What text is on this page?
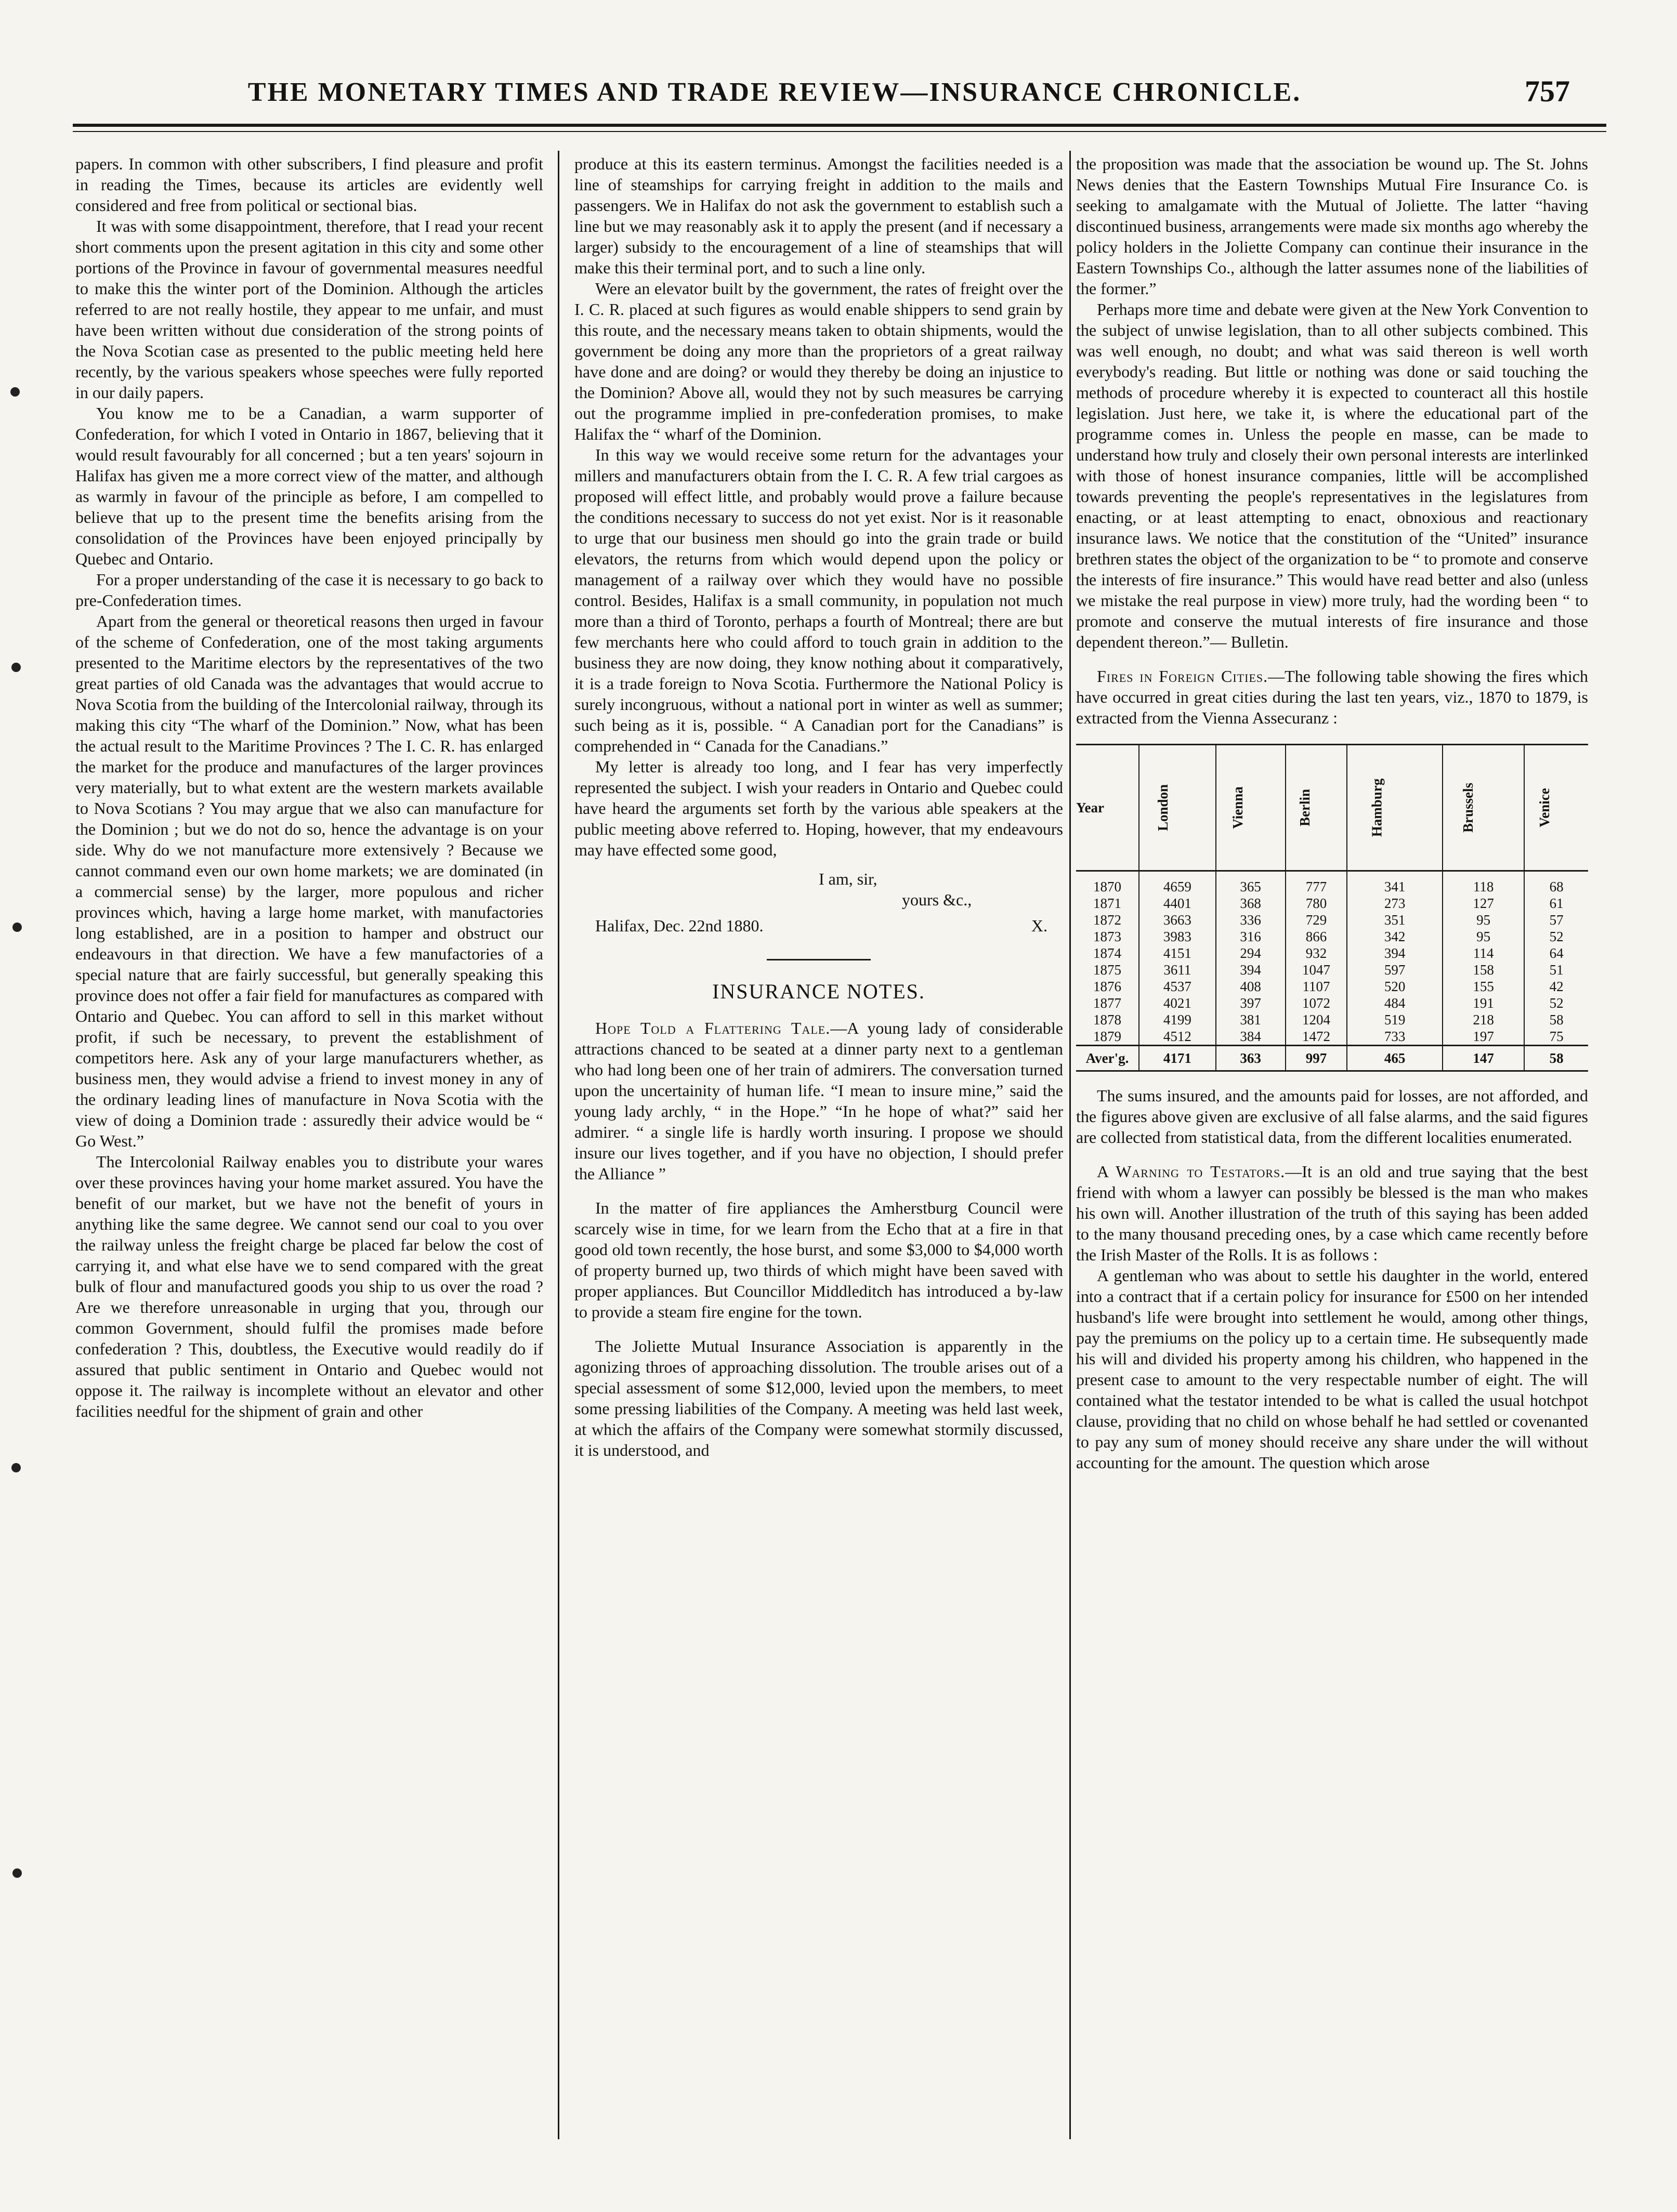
THE MONETARY TIMES AND TRADE REVIEW—INSURANCE CHRONICLE.	757

papers. In common with other subscribers, I find pleasure and profit in reading the Times, because its articles are evidently well considered and free from political or sectional bias.

It was with some disappointment, therefore, that I read your recent short comments upon the present agitation in this city and some other portions of the Province in favour of governmental measures needful to make this the winter port of the Dominion. Although the articles referred to are not really hostile, they appear to me unfair, and must have been written without due consideration of the strong points of the Nova Scotian case as presented to the public meeting held here recently, by the various speakers whose speeches were fully reported in our daily papers.

You know me to be a Canadian, a warm supporter of Confederation, for which I voted in Ontario in 1867, believing that it would result favourably for all concerned ; but a ten years' sojourn in Halifax has given me a more correct view of the matter, and although as warmly in favour of the principle as before, I am compelled to believe that up to the present time the benefits arising from the consolidation of the Provinces have been enjoyed principally by Quebec and Ontario.

For a proper understanding of the case it is necessary to go back to pre-Confederation times.

Apart from the general or theoretical reasons then urged in favour of the scheme of Confederation, one of the most taking arguments presented to the Maritime electors by the representatives of the two great parties of old Canada was the advantages that would accrue to Nova Scotia from the building of the Intercolonial railway, through its making this city “The wharf of the Dominion.” Now, what has been the actual result to the Maritime Provinces ? The I. C. R. has enlarged the market for the produce and manufactures of the larger provinces very materially, but to what extent are the western markets available to Nova Scotians ? You may argue that we also can manufacture for the Dominion ; but we do not do so, hence the advantage is on your side. Why do we not manufacture more extensively ? Because we cannot command even our own home markets; we are dominated (in a commercial sense) by the larger, more populous and richer provinces which, having a large home market, with manufactories long established, are in a position to hamper and obstruct our endeavours in that direction. We have a few manufactories of a special nature that are fairly successful, but generally speaking this province does not offer a fair field for manufactures as compared with Ontario and Quebec. You can afford to sell in this market without profit, if such be necessary, to prevent the establishment of competitors here. Ask any of your large manufacturers whether, as business men, they would advise a friend to invest money in any of the ordinary leading lines of manufacture in Nova Scotia with the view of doing a Dominion trade : assuredly their advice would be “ Go West.”

The Intercolonial Railway enables you to distribute your wares over these provinces having your home market assured. You have the benefit of our market, but we have not the benefit of yours in anything like the same degree. We cannot send our coal to you over the railway unless the freight charge be placed far below the cost of carrying it, and what else have we to send compared with the great bulk of flour and manufactured goods you ship to us over the road ? Are we therefore unreasonable in urging that you, through our common Government, should fulfil the promises made before confederation ? This, doubtless, the Executive would readily do if assured that public sentiment in Ontario and Quebec would not oppose it. The railway is incomplete without an elevator and other facilities needful for the shipment of grain and other

produce at this its eastern terminus. Amongst the facilities needed is a line of steamships for carrying freight in addition to the mails and passengers. We in Halifax do not ask the government to establish such a line but we may reasonably ask it to apply the present (and if necessary a larger) subsidy to the encouragement of a line of steamships that will make this their terminal port, and to such a line only.

Were an elevator built by the government, the rates of freight over the I. C. R. placed at such figures as would enable shippers to send grain by this route, and the necessary means taken to obtain shipments, would the government be doing any more than the proprietors of a great railway have done and are doing? or would they thereby be doing an injustice to the Dominion? Above all, would they not by such measures be carrying out the programme implied in pre-confederation promises, to make Halifax the “ wharf of the Dominion.

In this way we would receive some return for the advantages your millers and manufacturers obtain from the I. C. R. A few trial cargoes as proposed will effect little, and probably would prove a failure because the conditions necessary to success do not yet exist. Nor is it reasonable to urge that our business men should go into the grain trade or build elevators, the returns from which would depend upon the policy or management of a railway over which they would have no possible control. Besides, Halifax is a small community, in population not much more than a third of Toronto, perhaps a fourth of Montreal; there are but few merchants here who could afford to touch grain in addition to the business they are now doing, they know nothing about it comparatively, it is a trade foreign to Nova Scotia. Furthermore the National Policy is surely incongruous, without a national port in winter as well as summer; such being as it is, possible. “ A Canadian port for the Canadians” is comprehended in “ Canada for the Canadians.”

My letter is already too long, and I fear has very imperfectly represented the subject. I wish your readers in Ontario and Quebec could have heard the arguments set forth by the various able speakers at the public meeting above referred to. Hoping, however, that my endeavours may have effected some good,

I am, sir,
yours &c.,
Halifax, Dec. 22nd 1880.	X.
INSURANCE NOTES.

Hope Told a Flattering Tale.—A young lady of considerable attractions chanced to be seated at a dinner party next to a gentleman who had long been one of her train of admirers. The conversation turned upon the uncertainity of human life. “I mean to insure mine,” said the young lady archly, “ in the Hope.” “In he hope of what?” said her admirer. “ a single life is hardly worth insuring. I propose we should insure our lives together, and if you have no objection, I should prefer the Alliance ”

In the matter of fire appliances the Amherstburg Council were scarcely wise in time, for we learn from the Echo that at a fire in that good old town recently, the hose burst, and some $3,000 to $4,000 worth of property burned up, two thirds of which might have been saved with proper appliances. But Councillor Middleditch has introduced a by-law to provide a steam fire engine for the town.

The Joliette Mutual Insurance Association is apparently in the agonizing throes of approaching dissolution. The trouble arises out of a special assessment of some $12,000, levied upon the members, to meet some pressing liabilities of the Company. A meeting was held last week, at which the affairs of the Company were somewhat stormily discussed, it is understood, and

the proposition was made that the association be wound up. The St. Johns News denies that the Eastern Townships Mutual Fire Insurance Co. is seeking to amalgamate with the Mutual of Joliette. The latter “having discontinued business, arrangements were made six months ago whereby the policy holders in the Joliette Company can continue their insurance in the Eastern Townships Co., although the latter assumes none of the liabilities of the former.”

Perhaps more time and debate were given at the New York Convention to the subject of unwise legislation, than to all other subjects combined. This was well enough, no doubt; and what was said thereon is well worth everybody's reading. But little or nothing was done or said touching the methods of procedure whereby it is expected to counteract all this hostile legislation. Just here, we take it, is where the educational part of the programme comes in. Unless the people en masse, can be made to understand how truly and closely their own personal interests are interlinked with those of honest insurance companies, little will be accomplished towards preventing the people's representatives in the legislatures from enacting, or at least attempting to enact, obnoxious and reactionary insurance laws. We notice that the constitution of the “United” insurance brethren states the object of the organization to be “ to promote and conserve the interests of fire insurance.” This would have read better and also (unless we mistake the real purpose in view) more truly, had the wording been “ to promote and conserve the mutual interests of fire insurance and those dependent thereon.”— Bulletin.

Fires in Foreign Cities.—The following table showing the fires which have occurred in great cities during the last ten years, viz., 1870 to 1879, is extracted from the Vienna Assecuranz :

Year	London	Vienna	Berlin	Hamburg	Brussels	Venice
1870	4659	365	777	341	118	68
1871	4401	368	780	273	127	61
1872	3663	336	729	351	95	57
1873	3983	316	866	342	95	52
1874	4151	294	932	394	114	64
1875	3611	394	1047	597	158	51
1876	4537	408	1107	520	155	42
1877	4021	397	1072	484	191	52
1878	4199	381	1204	519	218	58
1879	4512	384	1472	733	197	75
Aver'g.	4171	363	997	465	147	58

The sums insured, and the amounts paid for losses, are not afforded, and the figures above given are exclusive of all false alarms, and the said figures are collected from statistical data, from the different localities enumerated.

A Warning to Testators.—It is an old and true saying that the best friend with whom a lawyer can possibly be blessed is the man who makes his own will. Another illustration of the truth of this saying has been added to the many thousand preceding ones, by a case which came recently before the Irish Master of the Rolls. It is as follows :

A gentleman who was about to settle his daughter in the world, entered into a contract that if a certain policy for insurance for £500 on her intended husband's life were brought into settlement he would, among other things, pay the premiums on the policy up to a certain time. He subsequently made his will and divided his property among his children, who happened in the present case to amount to the very respectable number of eight. The will contained what the testator intended to be what is called the usual hotchpot clause, providing that no child on whose behalf he had settled or covenanted to pay any sum of money should receive any share under the will without accounting for the amount. The question which arose
